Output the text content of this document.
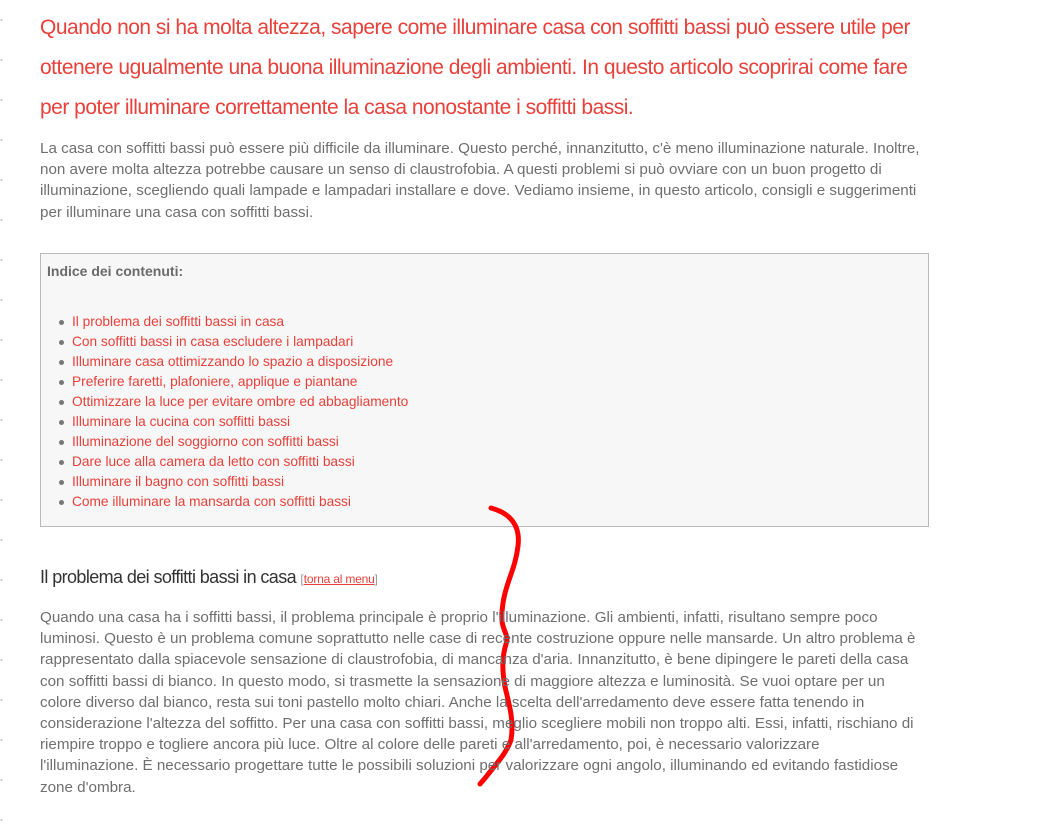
Quando non si ha molta altezza, sapere come illuminare casa con soffitti bassi può essere utile per ottenere ugualmente una buona illuminazione degli ambienti. In questo articolo scoprirai come fare per poter illuminare correttamente la casa nonostante i soffitti bassi.

La casa con soffitti bassi può essere più difficile da illuminare. Questo perché, innanzitutto, c'è meno illuminazione naturale. Inoltre, non avere molta altezza potrebbe causare un senso di claustrofobia. A questi problemi si può ovviare con un buon progetto di illuminazione, scegliendo quali lampade e lampadari installare e dove. Vediamo insieme, in questo articolo, consigli e suggerimenti per illuminare una casa con soffitti bassi.

Indice dei contenuti:
Il problema dei soffitti bassi in casa
Con soffitti bassi in casa escludere i lampadari
Illuminare casa ottimizzando lo spazio a disposizione
Preferire faretti, plafoniere, applique e piantane
Ottimizzare la luce per evitare ombre ed abbagliamento
Illuminare la cucina con soffitti bassi
Illuminazione del soggiorno con soffitti bassi
Dare luce alla camera da letto con soffitti bassi
Illuminare il bagno con soffitti bassi
Come illuminare la mansarda con soffitti bassi
Il problema dei soffitti bassi in casa [torna al menu]

Quando una casa ha i soffitti bassi, il problema principale è proprio l'illuminazione. Gli ambienti, infatti, risultano sempre poco luminosi. Questo è un problema comune soprattutto nelle case di recente costruzione oppure nelle mansarde. Un altro problema è rappresentato dalla spiacevole sensazione di claustrofobia, di mancanza d'aria. Innanzitutto, è bene dipingere le pareti della casa con soffitti bassi di bianco. In questo modo, si trasmette la sensazione di maggiore altezza e luminosità. Se vuoi optare per un colore diverso dal bianco, resta sui toni pastello molto chiari. Anche la scelta dell'arredamento deve essere fatta tenendo in considerazione l'altezza del soffitto. Per una casa con soffitti bassi, meglio scegliere mobili non troppo alti. Essi, infatti, rischiano di riempire troppo e togliere ancora più luce. Oltre al colore delle pareti e all'arredamento, poi, è necessario valorizzare l'illuminazione. È necessario progettare tutte le possibili soluzioni per valorizzare ogni angolo, illuminando ed evitando fastidiose zone d'ombra.
